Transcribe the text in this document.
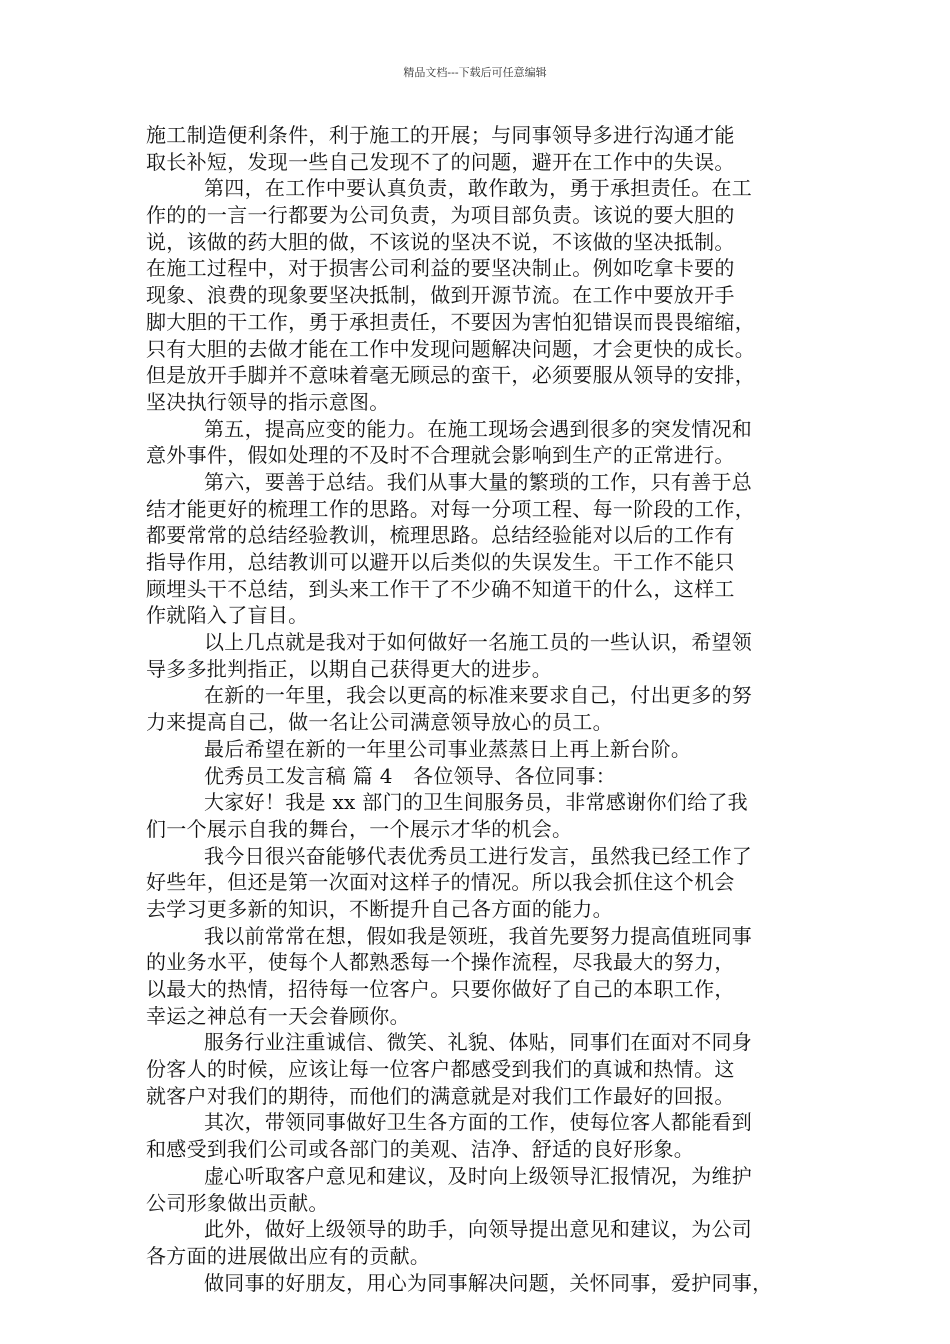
精品文档---下载后可任意编辑
施工制造便利条件，利于施工的开展；与同事领导多进行沟通才能
取长补短，发现一些自己发现不了的问题，避开在工作中的失误。
第四，在工作中要认真负责，敢作敢为，勇于承担责任。在工
作的的一言一行都要为公司负责，为项目部负责。该说的要大胆的
说，该做的药大胆的做，不该说的坚决不说，不该做的坚决抵制。
在施工过程中，对于损害公司利益的要坚决制止。例如吃拿卡要的
现象、浪费的现象要坚决抵制，做到开源节流。在工作中要放开手
脚大胆的干工作，勇于承担责任，不要因为害怕犯错误而畏畏缩缩，
只有大胆的去做才能在工作中发现问题解决问题，才会更快的成长。
但是放开手脚并不意味着毫无顾忌的蛮干，必须要服从领导的安排，
坚决执行领导的指示意图。
第五，提高应变的能力。在施工现场会遇到很多的突发情况和
意外事件，假如处理的不及时不合理就会影响到生产的正常进行。
第六，要善于总结。我们从事大量的繁琐的工作，只有善于总
结才能更好的梳理工作的思路。对每一分项工程、每一阶段的工作，
都要常常的总结经验教训，梳理思路。总结经验能对以后的工作有
指导作用，总结教训可以避开以后类似的失误发生。干工作不能只
顾埋头干不总结，到头来工作干了不少确不知道干的什么，这样工
作就陷入了盲目。
以上几点就是我对于如何做好一名施工员的一些认识，希望领
导多多批判指正，以期自己获得更大的进步。
在新的一年里，我会以更高的标准来要求自己，付出更多的努
力来提高自己，做一名让公司满意领导放心的员工。
最后希望在新的一年里公司事业蒸蒸日上再上新台阶。
优秀员工发言稿 篇 4　各位领导、各位同事：
大家好！我是 xx 部门的卫生间服务员，非常感谢你们给了我
们一个展示自我的舞台，一个展示才华的机会。
我今日很兴奋能够代表优秀员工进行发言，虽然我已经工作了
好些年，但还是第一次面对这样子的情况。所以我会抓住这个机会
去学习更多新的知识，不断提升自己各方面的能力。
我以前常常在想，假如我是领班，我首先要努力提高值班同事
的业务水平，使每个人都熟悉每一个操作流程，尽我最大的努力，
以最大的热情，招待每一位客户。只要你做好了自己的本职工作，
幸运之神总有一天会眷顾你。
服务行业注重诚信、微笑、礼貌、体贴，同事们在面对不同身
份客人的时候，应该让每一位客户都感受到我们的真诚和热情。这
就客户对我们的期待，而他们的满意就是对我们工作最好的回报。
其次，带领同事做好卫生各方面的工作，使每位客人都能看到
和感受到我们公司或各部门的美观、洁净、舒适的良好形象。
虚心听取客户意见和建议，及时向上级领导汇报情况，为维护
公司形象做出贡献。
此外，做好上级领导的助手，向领导提出意见和建议，为公司
各方面的进展做出应有的贡献。
做同事的好朋友，用心为同事解决问题，关怀同事，爱护同事，
